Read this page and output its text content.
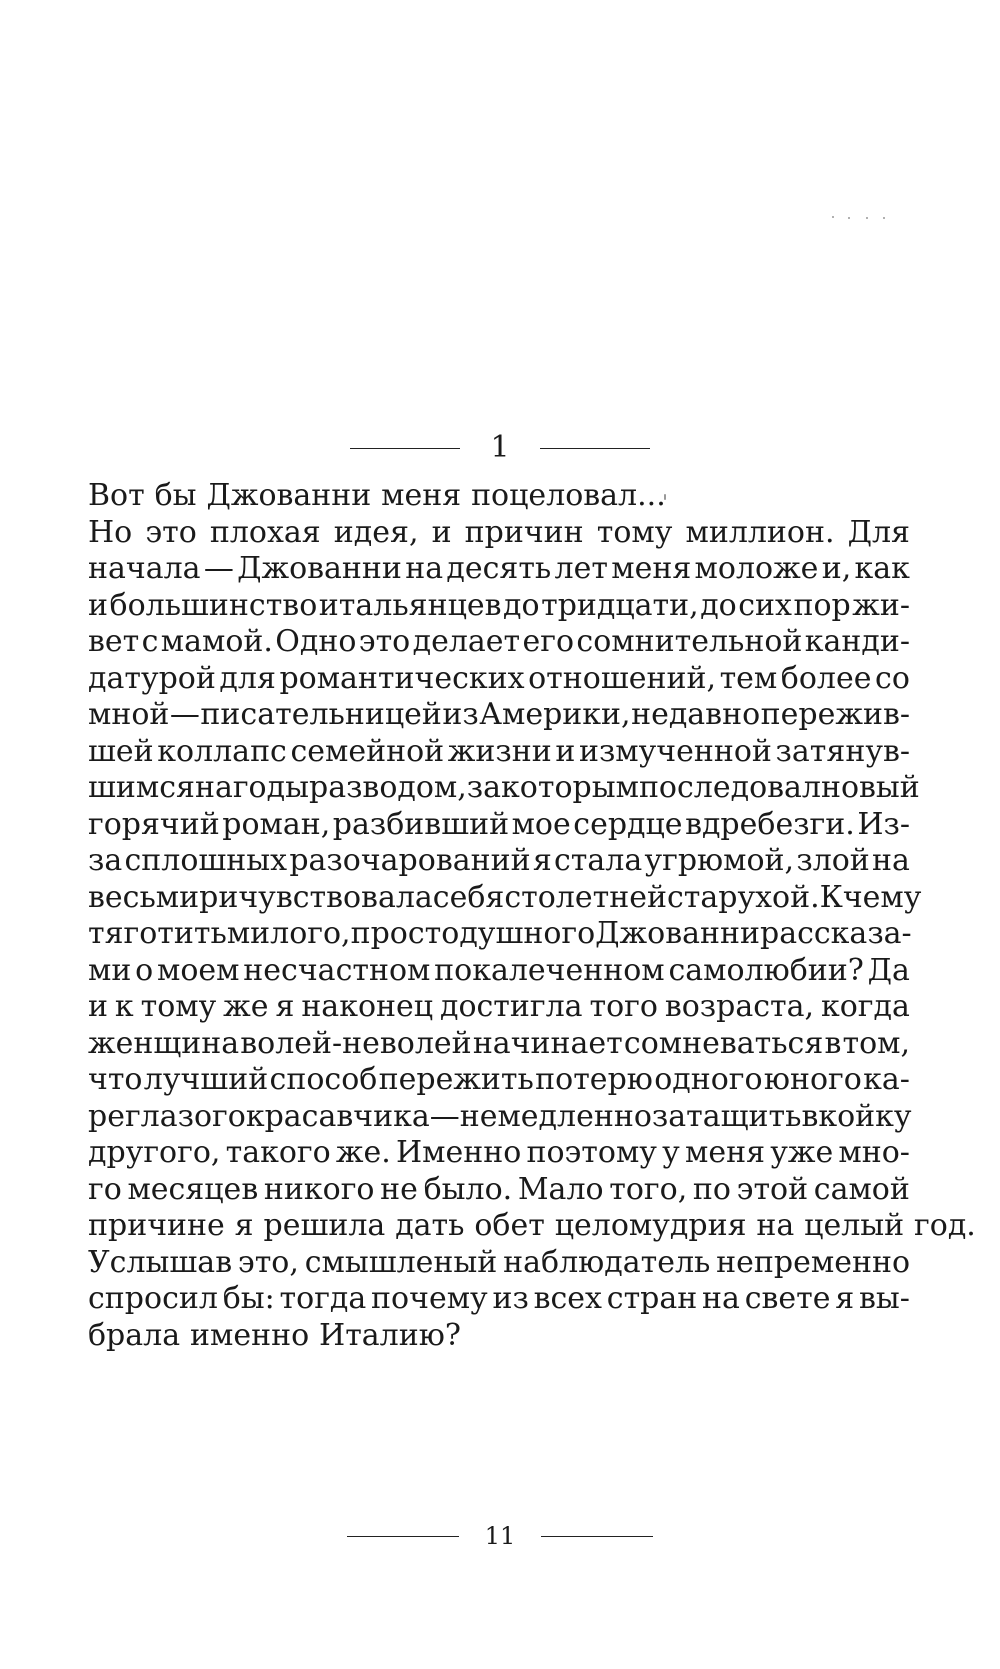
1
Вот бы Джованни меня поцеловал...
Но это плохая идея, и причин тому миллион. Для
начала — Джованни на десять лет меня моложе и, как
и большинство итальянцев до тридцати, до сих пор жи-
вет с мамой. Одно это делает его сомнительной канди-
датурой для романтических отношений, тем более со
мной — писательницей из Америки, недавно пережив-
шей коллапс семейной жизни и измученной затянув-
шимся на годы разводом, за которым последовал новый
горячий роман, разбивший мое сердце вдребезги. Из-
за сплошных разочарований я стала угрюмой, злой на
весь мир и чувствовала себя столетней старухой. К чему
тяготить милого, простодушного Джованни рассказа-
ми о моем несчастном покалеченном самолюбии? Да
и к тому же я наконец достигла того возраста, когда
женщина волей-неволей начинает сомневаться в том,
что лучший способ пережить потерю одного юного ка-
реглазого красавчика — немедленно затащить в койку
другого, такого же. Именно поэтому у меня уже мно-
го месяцев никого не было. Мало того, по этой самой
причине я решила дать обет целомудрия на целый год.
Услышав это, смышленый наблюдатель непременно
спросил бы: тогда почему из всех стран на свете я вы-
брала именно Италию?
11
